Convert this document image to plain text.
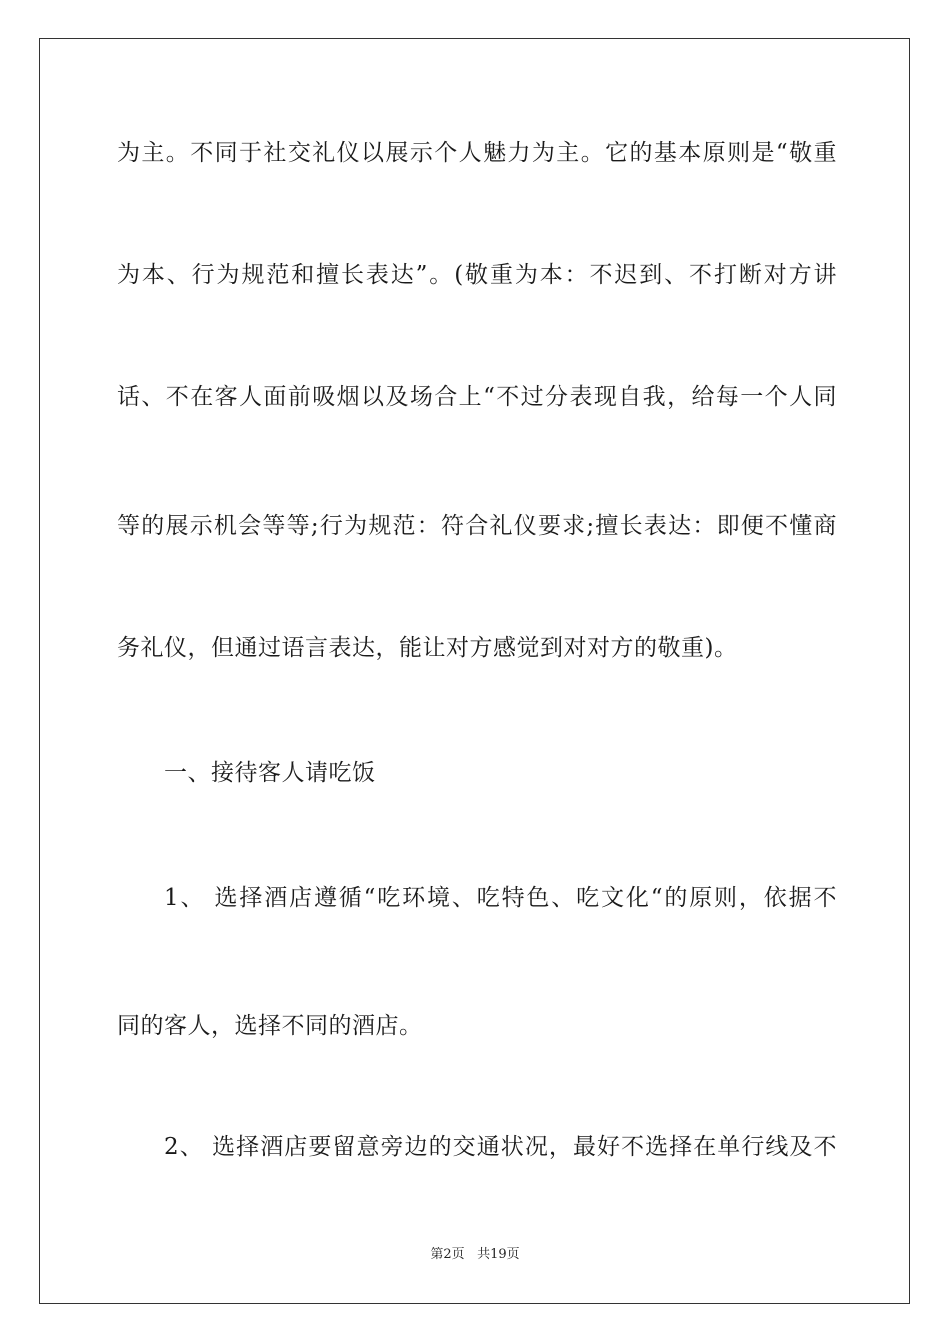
为主。不同于社交礼仪以展示个人魅力为主。它的基本原则是“敬重
为本、行为规范和擅长表达”。(敬重为本：不迟到、不打断对方讲
话、不在客人面前吸烟以及场合上“不过分表现自我，给每一个人同
等的展示机会等等;行为规范：符合礼仪要求;擅长表达：即便不懂商
务礼仪，但通过语言表达，能让对方感觉到对对方的敬重)。
一、接待客人请吃饭
1、 选择酒店遵循“吃环境、吃特色、吃文化“的原则，依据不
同的客人，选择不同的酒店。
2、 选择酒店要留意旁边的交通状况，最好不选择在单行线及不
第2页 共19页
